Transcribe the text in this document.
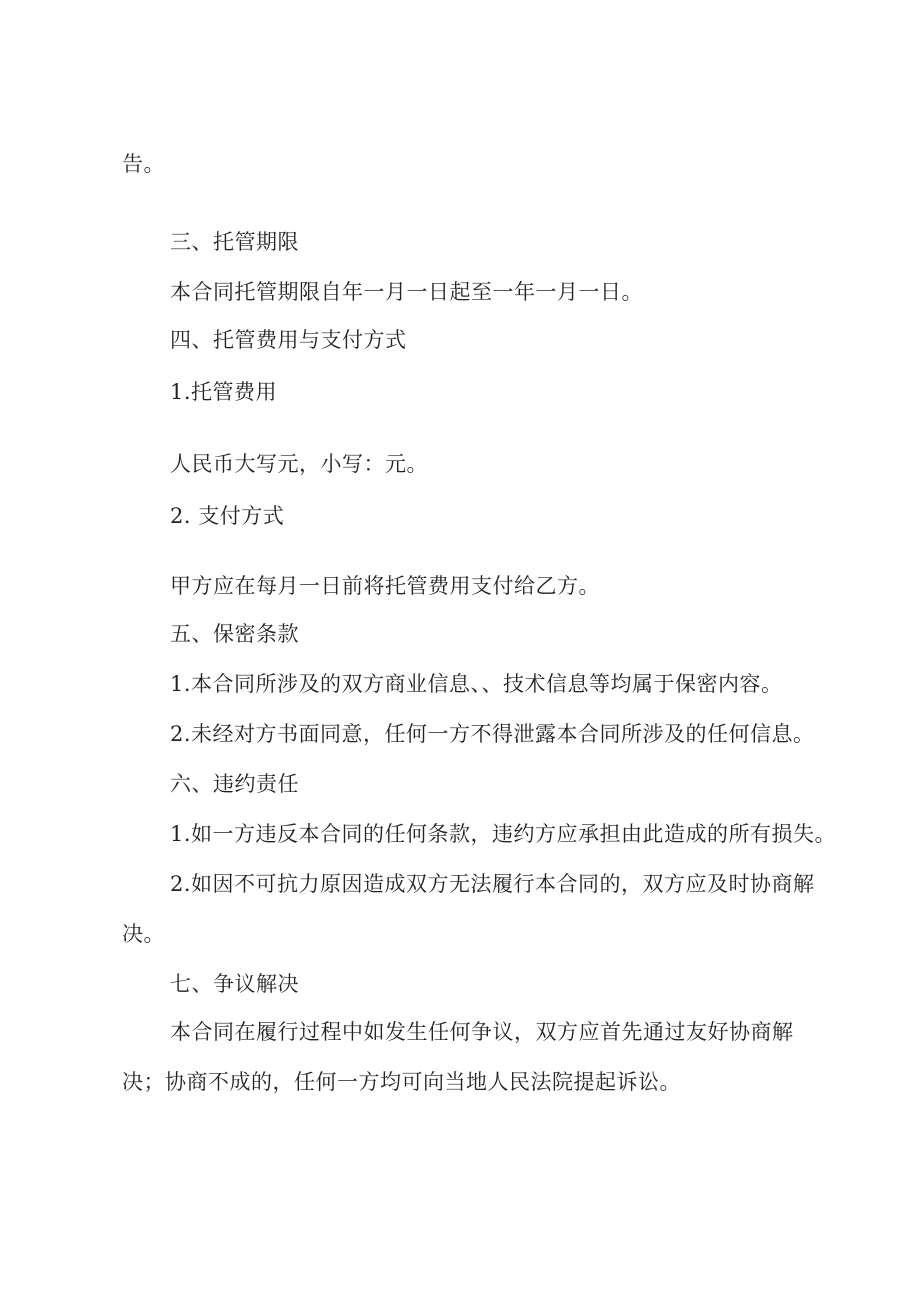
告。
三、托管期限
本合同托管期限自年一月一日起至一年一月一日。
四、托管费用与支付方式
1.托管费用
人民币大写元，小写：元。
2. 支付方式
甲方应在每月一日前将托管费用支付给乙方。
五、保密条款
1.本合同所涉及的双方商业信息、、技术信息等均属于保密内容。
2.未经对方书面同意，任何一方不得泄露本合同所涉及的任何信息。
六、违约责任
1.如一方违反本合同的任何条款，违约方应承担由此造成的所有损失。
2.如因不可抗力原因造成双方无法履行本合同的，双方应及时协商解
决。
七、争议解决
本合同在履行过程中如发生任何争议，双方应首先通过友好协商解
决；协商不成的，任何一方均可向当地人民法院提起诉讼。
